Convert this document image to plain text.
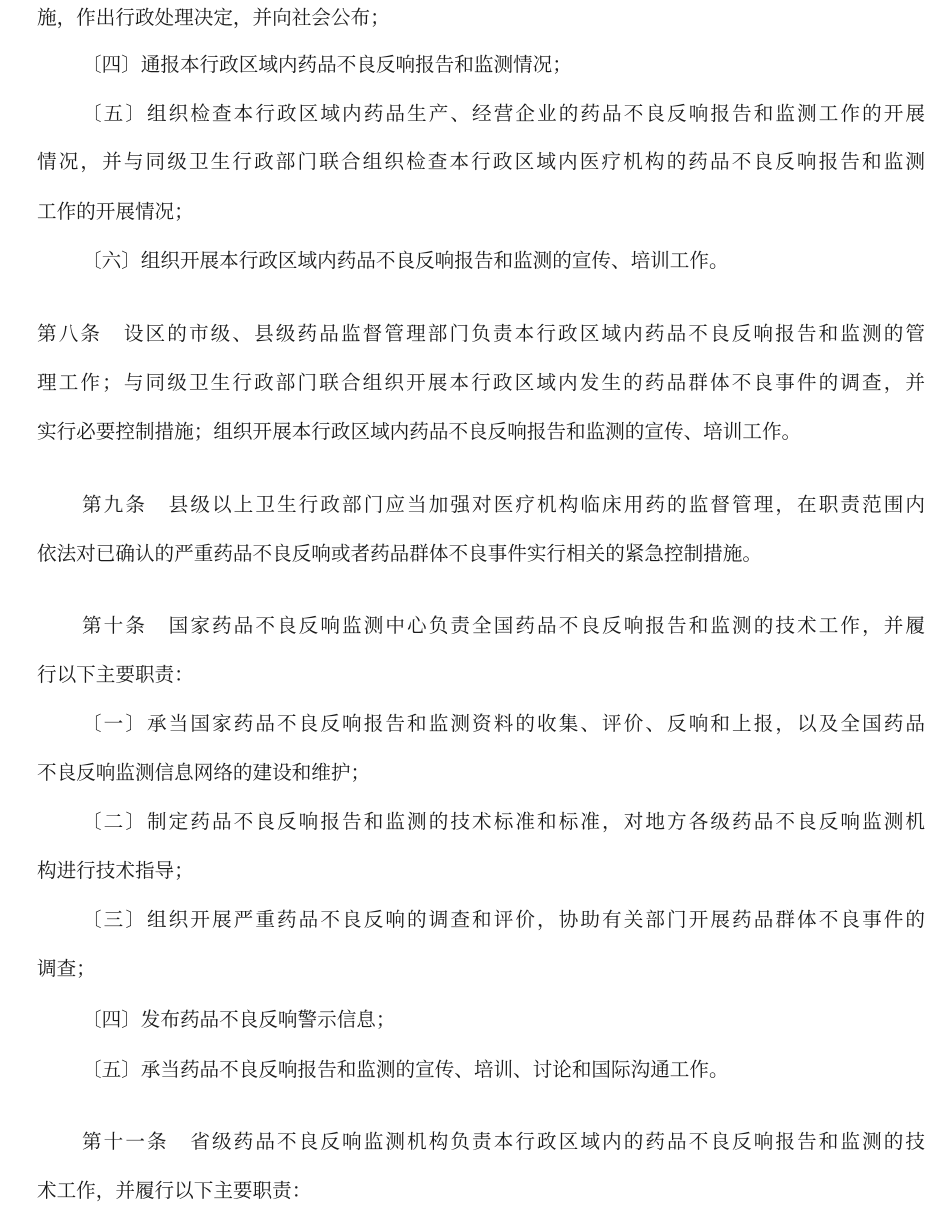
施，作出行政处理决定，并向社会公布；
〔四〕通报本行政区域内药品不良反响报告和监测情况；
〔五〕组织检查本行政区域内药品生产、经营企业的药品不良反响报告和监测工作的开展
情况，并与同级卫生行政部门联合组织检查本行政区域内医疗机构的药品不良反响报告和监测
工作的开展情况；
〔六〕组织开展本行政区域内药品不良反响报告和监测的宣传、培训工作。
第八条　设区的市级、县级药品监督管理部门负责本行政区域内药品不良反响报告和监测的管
理工作；与同级卫生行政部门联合组织开展本行政区域内发生的药品群体不良事件的调查，并
实行必要控制措施；组织开展本行政区域内药品不良反响报告和监测的宣传、培训工作。
第九条　县级以上卫生行政部门应当加强对医疗机构临床用药的监督管理，在职责范围内
依法对已确认的严重药品不良反响或者药品群体不良事件实行相关的紧急控制措施。
第十条　国家药品不良反响监测中心负责全国药品不良反响报告和监测的技术工作，并履
行以下主要职责：
〔一〕承当国家药品不良反响报告和监测资料的收集、评价、反响和上报，以及全国药品
不良反响监测信息网络的建设和维护；
〔二〕制定药品不良反响报告和监测的技术标准和标准，对地方各级药品不良反响监测机
构进行技术指导；
〔三〕组织开展严重药品不良反响的调查和评价，协助有关部门开展药品群体不良事件的
调查；
〔四〕发布药品不良反响警示信息；
〔五〕承当药品不良反响报告和监测的宣传、培训、讨论和国际沟通工作。
第十一条　省级药品不良反响监测机构负责本行政区域内的药品不良反响报告和监测的技
术工作，并履行以下主要职责：
